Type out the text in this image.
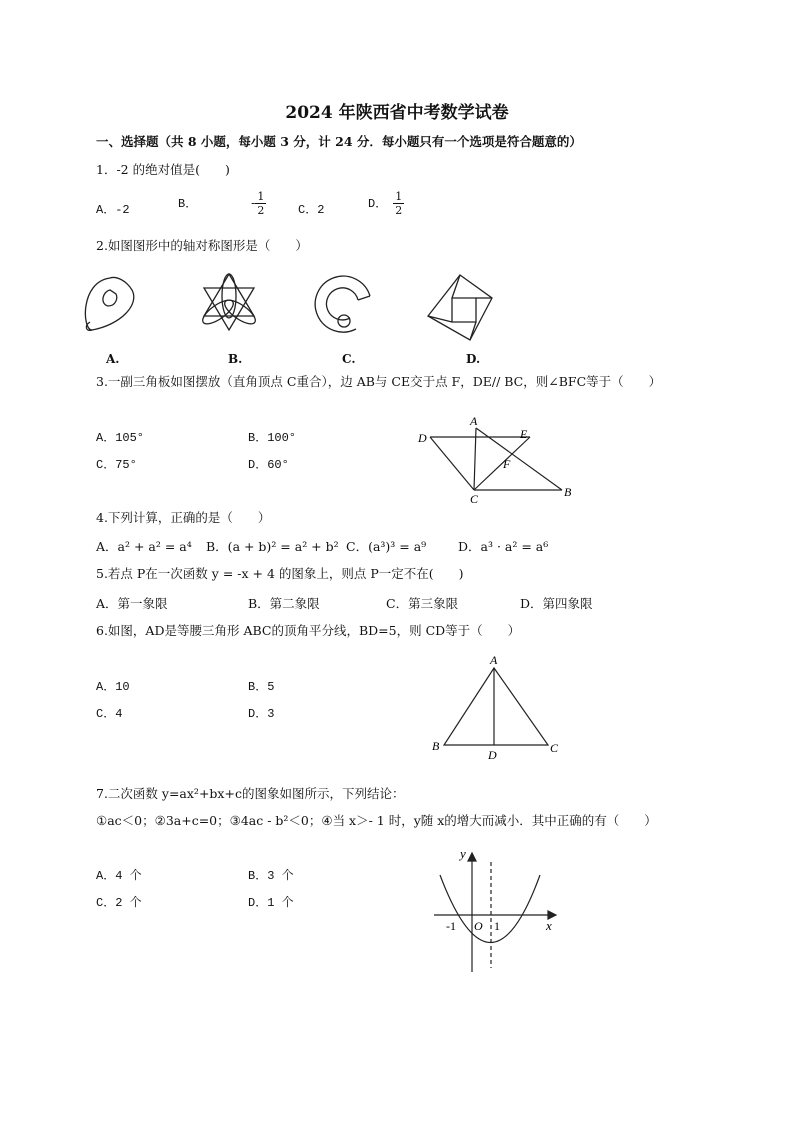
2024 年陕西省中考数学试卷
一、选择题（共 8 小题，每小题 3 分，计 24 分．每小题只有一个选项是符合题意的）
1．-2 的绝对值是(　　)
A．-2	B．	- $\frac{1}{2}$	C．2	D． $\frac{1}{2}$
2.如图图形中的轴对称图形是（　　）
A.	B.	C.	D.
3.一副三角板如图摆放（直角顶点 C重合），边 AB与 CE交于点 F，DE// BC，则∠BFC等于（　　）
A．105°	B．100°
C．75°	D．60°
D
A
E
F
C	B
4.下列计算，正确的是（　　）
A．a² + a² = a⁴ B．(a + b)² = a² + b² C．(a³)³ = a⁹	D．a³ · a² = a⁶
5.若点 P在一次函数 y = -x + 4 的图象上，则点 P一定不在(　　)
A．第一象限	B．第二象限	C．第三象限	D．第四象限
6.如图，AD是等腰三角形 ABC的顶角平分线，BD=5，则 CD等于（　　）
A．10	B．5
C．4	D．3
A
B
D	C
7.二次函数 y=ax²+bx+c的图象如图所示，下列结论：
①ac＜0；②3a+c=0；③4ac - b²＜0；④当 x＞- 1 时，y随 x的增大而减小．其中正确的有（　　）
A．4 个	B．3 个
C．2 个	D．1 个
y
x
O
-1	1
